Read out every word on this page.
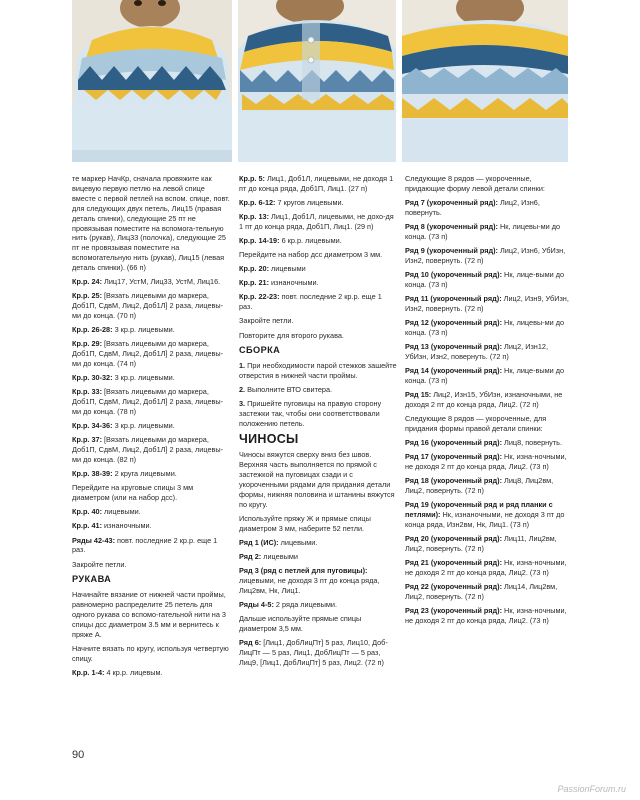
те маркер НачКр, сначала провяжите как вицевую первую петлю на левой спице вместе с первой петлей на вспом. спице, повт. для следующих двух петель, Лиц15 (правая деталь спинки), следующие 25 пт не провязывая поместите на вспомога-тельную нить (рукав), Лиц33 (полочка), следующие 25 пт не провязывая поместите на вспомогательную нить (рукав), Лиц15 (левая деталь спинки). (66 п)

Кр.р. 24: Лиц17, УстМ, Лиц33, УстМ, Лиц16.

Кр.р. 25: [Вязать лицевыми до маркера, Доб1П, СдвМ, Лиц2, Доб1Л] 2 раза, лицевы-ми до конца. (70 п)

Кр.р. 26-28: 3 кр.р. лицевыми.

Кр.р. 29: [Вязать лицевыми до маркера, Доб1П, СдвМ, Лиц2, Доб1Л] 2 раза, лицевы-ми до конца. (74 п)

Кр.р. 30-32: 3 кр.р. лицевыми.

Кр.р. 33: [Вязать лицевыми до маркера, Доб1П, СдвМ, Лиц2, Доб1Л] 2 раза, лицевы-ми до конца. (78 п)

Кр.р. 34-36: 3 кр.р. лицевыми.

Кр.р. 37: [Вязать лицевыми до маркера, Доб1П, СдвМ, Лиц2, Доб1Л] 2 раза, лицевы-ми до конца. (82 п)

Кр.р. 38-39: 2 круга лицевыми.

Перейдите на круговые спицы 3 мм диаметром (или на набор дсс).

Кр.р. 40: лицевыми.

Кр.р. 41: изнаночными.

Ряды 42-43: повт. последние 2 кр.р. еще 1 раз.

Закройте петли.

РУКАВА

Начинайте вязание от нижней части проймы, равномерно распределите 25 петель для одного рукава со вспомо-гательной нити на 3 спицы дсс диаметром 3.5 мм и вернитесь к пряже А.

Начните вязать по кругу, используя четвертую спицу.

Кр.р. 1-4: 4 кр.р. лицевым.

Кр.р. 5: Лиц1, Доб1Л, лицевыми, не доходя 1 пт до конца ряда, Доб1П, Лиц1. (27 п)

Кр.р. 6-12: 7 кругов лицевыми.

Кр.р. 13: Лиц1, Доб1Л, лицевыми, не дохо-дя 1 пт до конца ряда, Доб1П, Лиц1. (29 п)

Кр.р. 14-19: 6 кр.р. лицевыми.

Перейдите на набор дсс диаметром 3 мм.

Кр.р. 20: лицевыми

Кр.р. 21: изнаночными.

Кр.р. 22-23: повт. последние 2 кр.р. еще 1 раз.

Закройте петли.

Повторите для второго рукава.

СБОРКА

1. При необходимости парой стежков зашейте отверстия в нижней части проймы.

2. Выполните ВТО свитера.

3. Пришейте пуговицы на правую сторону застежки так, чтобы они соответствовали положению петель.

ЧИНОСЫ

Чиносы вяжутся сверху вниз без швов. Верхняя часть выполняется по прямой с застежкой на пуговицах сзади и с укороченными рядами для придания детали формы, нижняя половина и штанины вяжутся по кругу.

Используйте пряжу Ж и прямые спицы диаметром 3 мм, наберите 52 петли.

Ряд 1 (ИС): лицевыми.

Ряд 2: лицевыми

Ряд 3 (ряд с петлей для пуговицы): лицевыми, не доходя 3 пт до конца ряда, Лиц2вм, Нк, Лиц1.

Ряды 4-5: 2 ряда лицевыми.

Дальше используйте прямые спицы диаметром 3,5 мм.

Ряд 6: [Лиц1, ДобЛицПт] 5 раз, Лиц10, Доб-ЛицПт — 5 раз, Лиц1, ДобЛицПт — 5 раз, Лиц9, [Лиц1, ДобЛицПт] 5 раз, Лиц2. (72 п)

Следующие 8 рядов — укороченные, придающие форму левой детали спинки:

Ряд 7 (укороченный ряд): Лиц2, Изн6, повернуть.

Ряд 8 (укороченный ряд): Нк, лицевы-ми до конца. (73 п)

Ряд 9 (укороченный ряд): Лиц2, Изн6, УбИзн, Изн2, повернуть. (72 п)

Ряд 10 (укороченный ряд): Нк, лице-выми до конца. (73 п)

Ряд 11 (укороченный ряд): Лиц2, Изн9, УбИзн, Изн2, повернуть. (72 п)

Ряд 12 (укороченный ряд): Нк, лицевы-ми до конца. (73 п)

Ряд 13 (укороченный ряд): Лиц2, Изн12, УбИзн, Изн2, повернуть. (72 п)

Ряд 14 (укороченный ряд): Нк, лице-выми до конца. (73 п)

Ряд 15: Лиц2, Изн15, УбИзн, изнаночными, не доходя 2 пт до конца ряда, Лиц2. (72 п)

Следующие 8 рядов — укороченные, для придания формы правой детали спинки:

Ряд 16 (укороченный ряд): Лиц8, повернуть.

Ряд 17 (укороченный ряд): Нк, изна-ночными, не доходя 2 пт до конца ряда, Лиц2. (73 п)

Ряд 18 (укороченный ряд): Лиц8, Лиц2вм, Лиц2, повернуть. (72 п)

Ряд 19 (укороченный ряд и ряд планки с петлями): Нк, изнаночными, не доходя 3 пт до конца ряда, Изн2вм, Нк, Лиц1. (73 п)

Ряд 20 (укороченный ряд): Лиц11, Лиц2вм, Лиц2, повернуть. (72 п)

Ряд 21 (укороченный ряд): Нк, изна-ночными, не доходя 2 пт до конца ряда, Лиц2. (73 п)

Ряд 22 (укороченный ряд): Лиц14, Лиц2вм, Лиц2, повернуть. (72 п)

Ряд 23 (укороченный ряд): Нк, изна-ночными, не доходя 2 пт до конца ряда, Лиц2. (73 п)

90
PassionForum.ru
